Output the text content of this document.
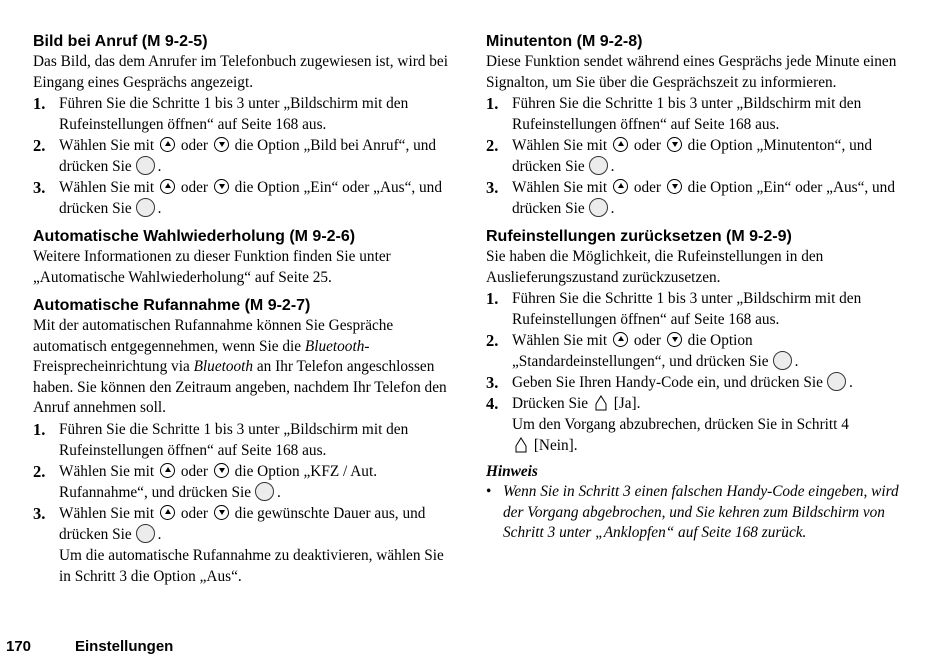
Bild bei Anruf (M 9-2-5)

Das Bild, das dem Anrufer im Telefonbuch zugewiesen ist, wird bei Eingang eines Gesprächs angezeigt.

1. Führen Sie die Schritte 1 bis 3 unter „Bildschirm mit den Rufeinstellungen öffnen“ auf Seite 168 aus.
2. Wählen Sie mit oder die Option „Bild bei Anruf“, und drücken Sie .
3. Wählen Sie mit oder die Option „Ein“ oder „Aus“, und drücken Sie .
Automatische Wahlwiederholung (M 9-2-6)

Weitere Informationen zu dieser Funktion finden Sie unter „Automatische Wahlwiederholung“ auf Seite 25.

Automatische Rufannahme (M 9-2-7)

Mit der automatischen Rufannahme können Sie Gespräche automatisch entgegennehmen, wenn Sie die Bluetooth-Freisprecheinrichtung via Bluetooth an Ihr Telefon angeschlossen haben. Sie können den Zeitraum angeben, nachdem Ihr Telefon den Anruf annehmen soll.

1. Führen Sie die Schritte 1 bis 3 unter „Bildschirm mit den Rufeinstellungen öffnen“ auf Seite 168 aus.
2. Wählen Sie mit oder die Option „KFZ / Aut. Rufannahme“, und drücken Sie .
3. Wählen Sie mit oder die gewünschte Dauer aus, und drücken Sie .
Um die automatische Rufannahme zu deaktivieren, wählen Sie in Schritt 3 die Option „Aus“.
Minutenton (M 9-2-8)

Diese Funktion sendet während eines Gesprächs jede Minute einen Signalton, um Sie über die Gesprächszeit zu informieren.

1. Führen Sie die Schritte 1 bis 3 unter „Bildschirm mit den Rufeinstellungen öffnen“ auf Seite 168 aus.
2. Wählen Sie mit oder die Option „Minutenton“, und drücken Sie .
3. Wählen Sie mit oder die Option „Ein“ oder „Aus“, und drücken Sie .
Rufeinstellungen zurücksetzen (M 9-2-9)

Sie haben die Möglichkeit, die Rufeinstellungen in den Auslieferungszustand zurückzusetzen.

1. Führen Sie die Schritte 1 bis 3 unter „Bildschirm mit den Rufeinstellungen öffnen“ auf Seite 168 aus.
2. Wählen Sie mit oder die Option „Standardeinstellungen“, und drücken Sie .
3. Geben Sie Ihren Handy-Code ein, und drücken Sie .
4. Drücken Sie [Ja].
Um den Vorgang abzubrechen, drücken Sie in Schritt 4
[Nein].
Hinweis
• Wenn Sie in Schritt 3 einen falschen Handy-Code eingeben, wird der Vorgang abgebrochen, und Sie kehren zum Bildschirm von Schritt 3 unter „Anklopfen“ auf Seite 168 zurück.
170	Einstellungen
